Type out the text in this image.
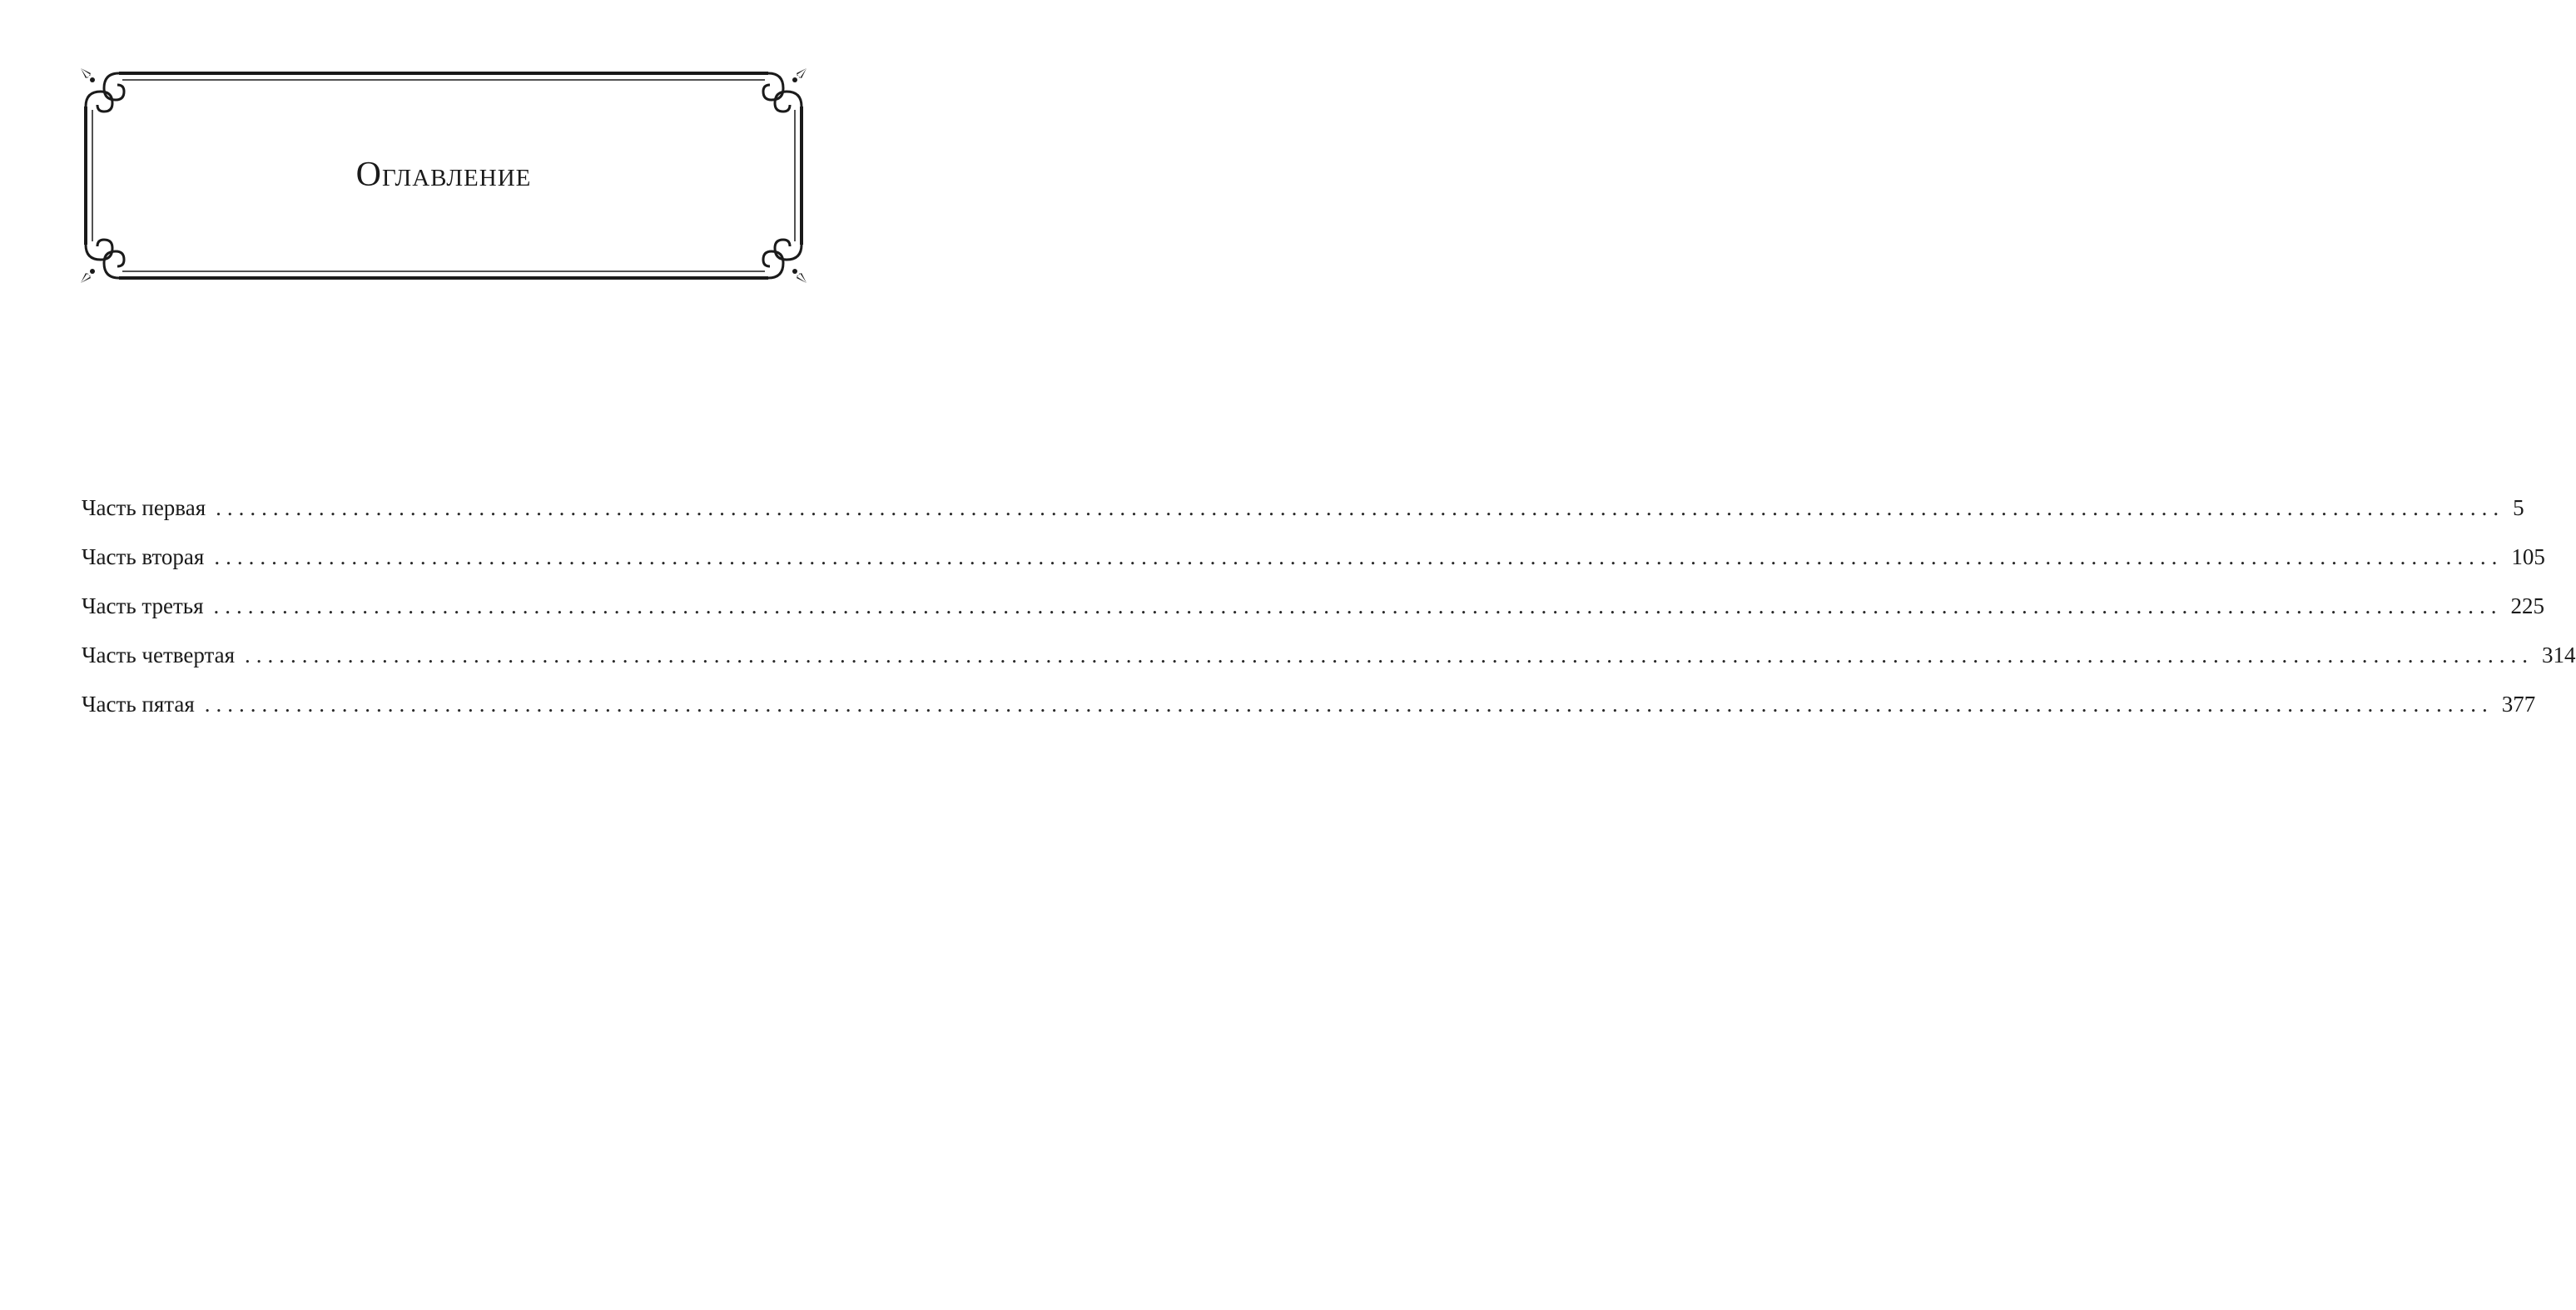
Оглавление
Часть первая ........................................................................................................................................................................................................ 5
Часть вторая ........................................................................................................................................................................................................ 105
Часть третья ........................................................................................................................................................................................................ 225
Часть четвертая ........................................................................................................................................................................................................ 314
Часть пятая ........................................................................................................................................................................................................ 377
